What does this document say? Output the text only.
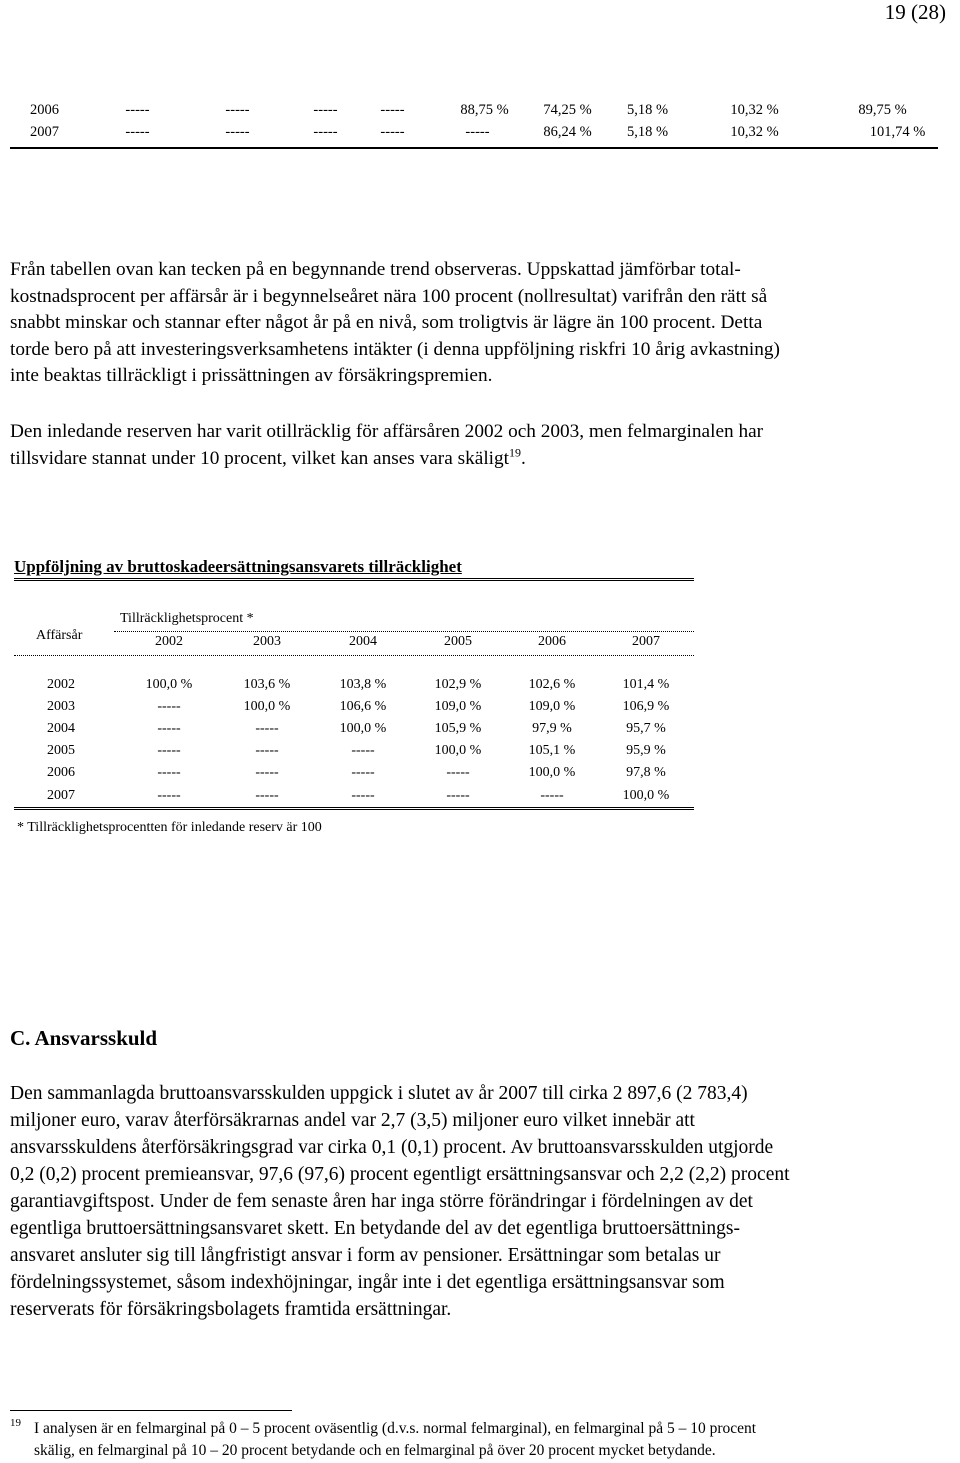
19 (28)
2006	-----	-----	-----	-----	88,75 %	74,25 %	5,18 %	10,32 %	89,75 %
2007	-----	-----	-----	-----	-----	86,24 %	5,18 %	10,32 %	101,74 %
Från tabellen ovan kan tecken på en begynnande trend observeras. Uppskattad jämförbar total-
kostnadsprocent per affärsår är i begynnelseåret nära 100 procent (nollresultat) varifrån den rätt så
snabbt minskar och stannar efter något år på en nivå, som troligtvis är lägre än 100 procent. Detta
torde bero på att investeringsverksamhetens intäkter (i denna uppföljning riskfri 10 årig avkastning)
inte beaktas tillräckligt i prissättningen av försäkringspremien.
Den inledande reserven har varit otillräcklig för affärsåren 2002 och 2003, men felmarginalen har
tillsvidare stannat under 10 procent, vilket kan anses vara skäligt$^{19}$.
Uppföljning av bruttoskadeersättningsansvarets tillräcklighet
Affärsår
Tillräcklighetsprocent *
2002	2003	2004	2005	2006	2007
2002	100,0 %	103,6 %	103,8 %	102,9 %	102,6 %	101,4 %
2003	-----	100,0 %	106,6 %	109,0 %	109,0 %	106,9 %
2004	-----	-----	100,0 %	105,9 %	97,9 %	95,7 %
2005	-----	-----	-----	100,0 %	105,1 %	95,9 %
2006	-----	-----	-----	-----	100,0 %	97,8 %
2007	-----	-----	-----	-----	-----	100,0 %
* Tillräcklighetsprocentten för inledande reserv är 100
C. Ansvarsskuld
Den sammanlagda bruttoansvarsskulden uppgick i slutet av år 2007 till cirka 2 897,6 (2 783,4)
miljoner euro, varav återförsäkrarnas andel var 2,7 (3,5) miljoner euro vilket innebär att
ansvarsskuldens återförsäkringsgrad var cirka 0,1 (0,1) procent. Av bruttoansvarsskulden utgjorde
0,2 (0,2) procent premieansvar, 97,6 (97,6) procent egentligt ersättningsansvar och 2,2 (2,2) procent
garantiavgiftspost. Under de fem senaste åren har inga större förändringar i fördelningen av det
egentliga bruttoersättningsansvaret skett. En betydande del av det egentliga bruttoersättnings-
ansvaret ansluter sig till långfristigt ansvar i form av pensioner. Ersättningar som betalas ur
fördelningssystemet, såsom indexhöjningar, ingår inte i det egentliga ersättningsansvar som
reserverats för försäkringsbolagets framtida ersättningar.
19 I analysen är en felmarginal på 0 – 5 procent oväsentlig (d.v.s. normal felmarginal), en felmarginal på 5 – 10 procent
skälig, en felmarginal på 10 – 20 procent betydande och en felmarginal på över 20 procent mycket betydande.
